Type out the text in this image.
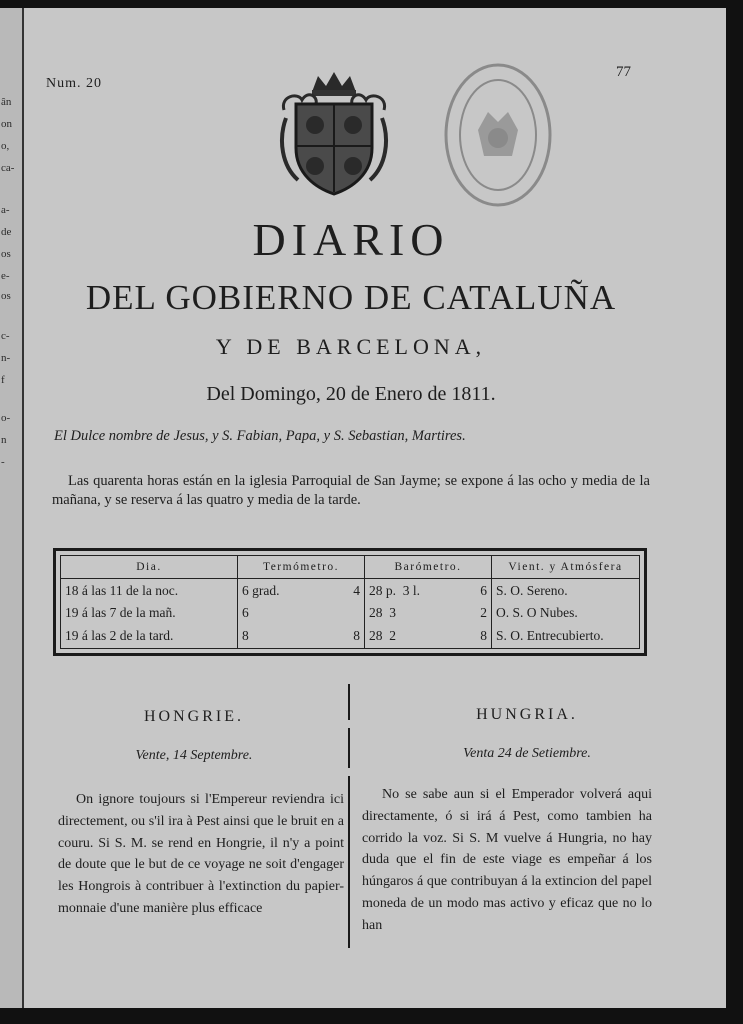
ân
on
o,
ca-
a-
de
os
e-
os
c-
n-
f
o-
n
-
Num. 20
77
DIARIO
DEL GOBIERNO DE CATALUÑA
Y DE BARCELONA,
Del Domingo, 20 de Enero de 1811.
El Dulce nombre de Jesus, y S. Fabian, Papa, y S. Sebastian, Martires.
Las quarenta horas están en la iglesia Parroquial de San Jayme; se expone á las ocho y media de la mañana, y se reserva á las quatro y media de la tarde.
Dia.	Termómetro.	Barómetro.	Vient. y Atmósfera
18 á las 11 de la noc.	6 grad. 4	28 p. 3 l. 6	S. O. Sereno.
19 á las 7 de la mañ.	6	28 3 2	O. S. O Nubes.
19 á las 2 de la tard.	8 8	28 2 8	S. O. Entrecubierto.
HONGRIE.
Vente, 14 Septembre.
On ignore toujours si l'Empereur reviendra ici directement, ou s'il ira à Pest ainsi que le bruit en a couru. Si S. M. se rend en Hongrie, il n'y a point de doute que le but de ce voyage ne soit d'engager les Hongrois à contribuer à l'extinction du papier-monnaie d'une manière plus efficace
HUNGRIA.
Venta 24 de Setiembre.
No se sabe aun si el Emperador volverá aqui directamente, ó si irá á Pest, como tambien ha corrido la voz. Si S. M vuelve á Hungria, no hay duda que el fin de este viage es empeñar á los húngaros á que contribuyan á la extincion del papel moneda de un modo mas activo y eficaz que no lo han
